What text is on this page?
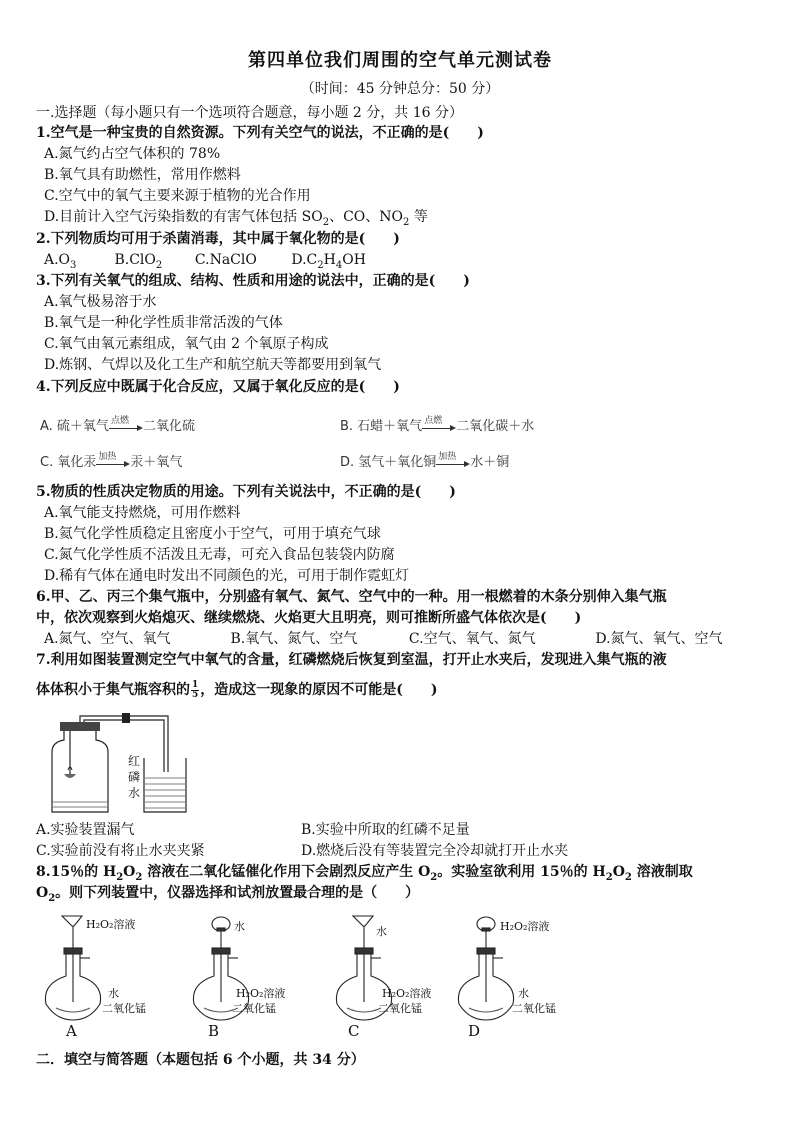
第四单位我们周围的空气单元测试卷
（时间：45 分钟总分：50 分）
一.选择题（每小题只有一个选项符合题意，每小题 2 分，共 16 分）
1.空气是一种宝贵的自然资源。下列有关空气的说法，不正确的是(　　)
A.氮气约占空气体积的 78%
B.氧气具有助燃性，常用作燃料
C.空气中的氧气主要来源于植物的光合作用
D.目前计入空气污染指数的有害气体包括 $SO_2$、CO、$NO_2$ 等
2.下列物质均可用于杀菌消毒，其中属于氧化物的是(　　)
$A.O_3$	B.ClO$_2$ C.NaClO $D.C_2H_4OH$
3.下列有关氧气的组成、结构、性质和用途的说法中，正确的是(　　)
A.氧气极易溶于水
B.氧气是一种化学性质非常活泼的气体
C.氧气由氧元素组成，氧气由 2 个氧原子构成
D.炼钢、气焊以及化工生产和航空航天等都要用到氧气
4.下列反应中既属于化合反应，又属于氧化反应的是(　　)
A. 硫＋氧气 点燃 二氧化硫	B. 石蜡＋氧气 点燃 二氧化碳＋水
C. 氧化汞 加热 汞＋氧气	D. 氢气＋氧化铜 加热 水＋铜
5.物质的性质决定物质的用途。下列有关说法中，不正确的是(　　)
A.氧气能支持燃烧，可用作燃料
B.氦气化学性质稳定且密度小于空气，可用于填充气球
C.氮气化学性质不活泼且无毒，可充入食品包装袋内防腐
D.稀有气体在通电时发出不同颜色的光，可用于制作霓虹灯
6.甲、乙、丙三个集气瓶中，分别盛有氧气、氮气、空气中的一种。用一根燃着的木条分别伸入集气瓶
中，依次观察到火焰熄灭、继续燃烧、火焰更大且明亮，则可推断所盛气体依次是(　　)
A.氮气、空气、氧气	B.氧气、氮气、空气	C.空气、氧气、氮气	D.氮气、氧气、空气
7.利用如图装置测定空气中氧气的含量，红磷燃烧后恢复到室温，打开止水夹后，发现进入集气瓶的液
体体积小于集气瓶容积的 $\frac{1}{5}$ ，造成这一现象的原因不可能是(　　)
红
磷
水
A.实验装置漏气	B.实验中所取的红磷不足量
C.实验前没有将止水夹夹紧	D.燃烧后没有等装置完全冷却就打开止水夹
8.15％的 $H_2O_2$ 溶液在二氧化锰催化作用下会剧烈反应产生 $O_2$。实验室欲利用 15％的 $H_2O_2$ 溶液制取
$O_2$。则下列装置中，仪器选择和试剂放置最合理的是（　　）
H₂O₂溶液
水
二氧化锰
水
H₂O₂溶液
二氧化锰
水
H₂O₂溶液
二氧化锰
H₂O₂溶液
水
二氧化锰
A	B	C	D
二．填空与简答题（本题包括 6 个小题，共 34 分）
